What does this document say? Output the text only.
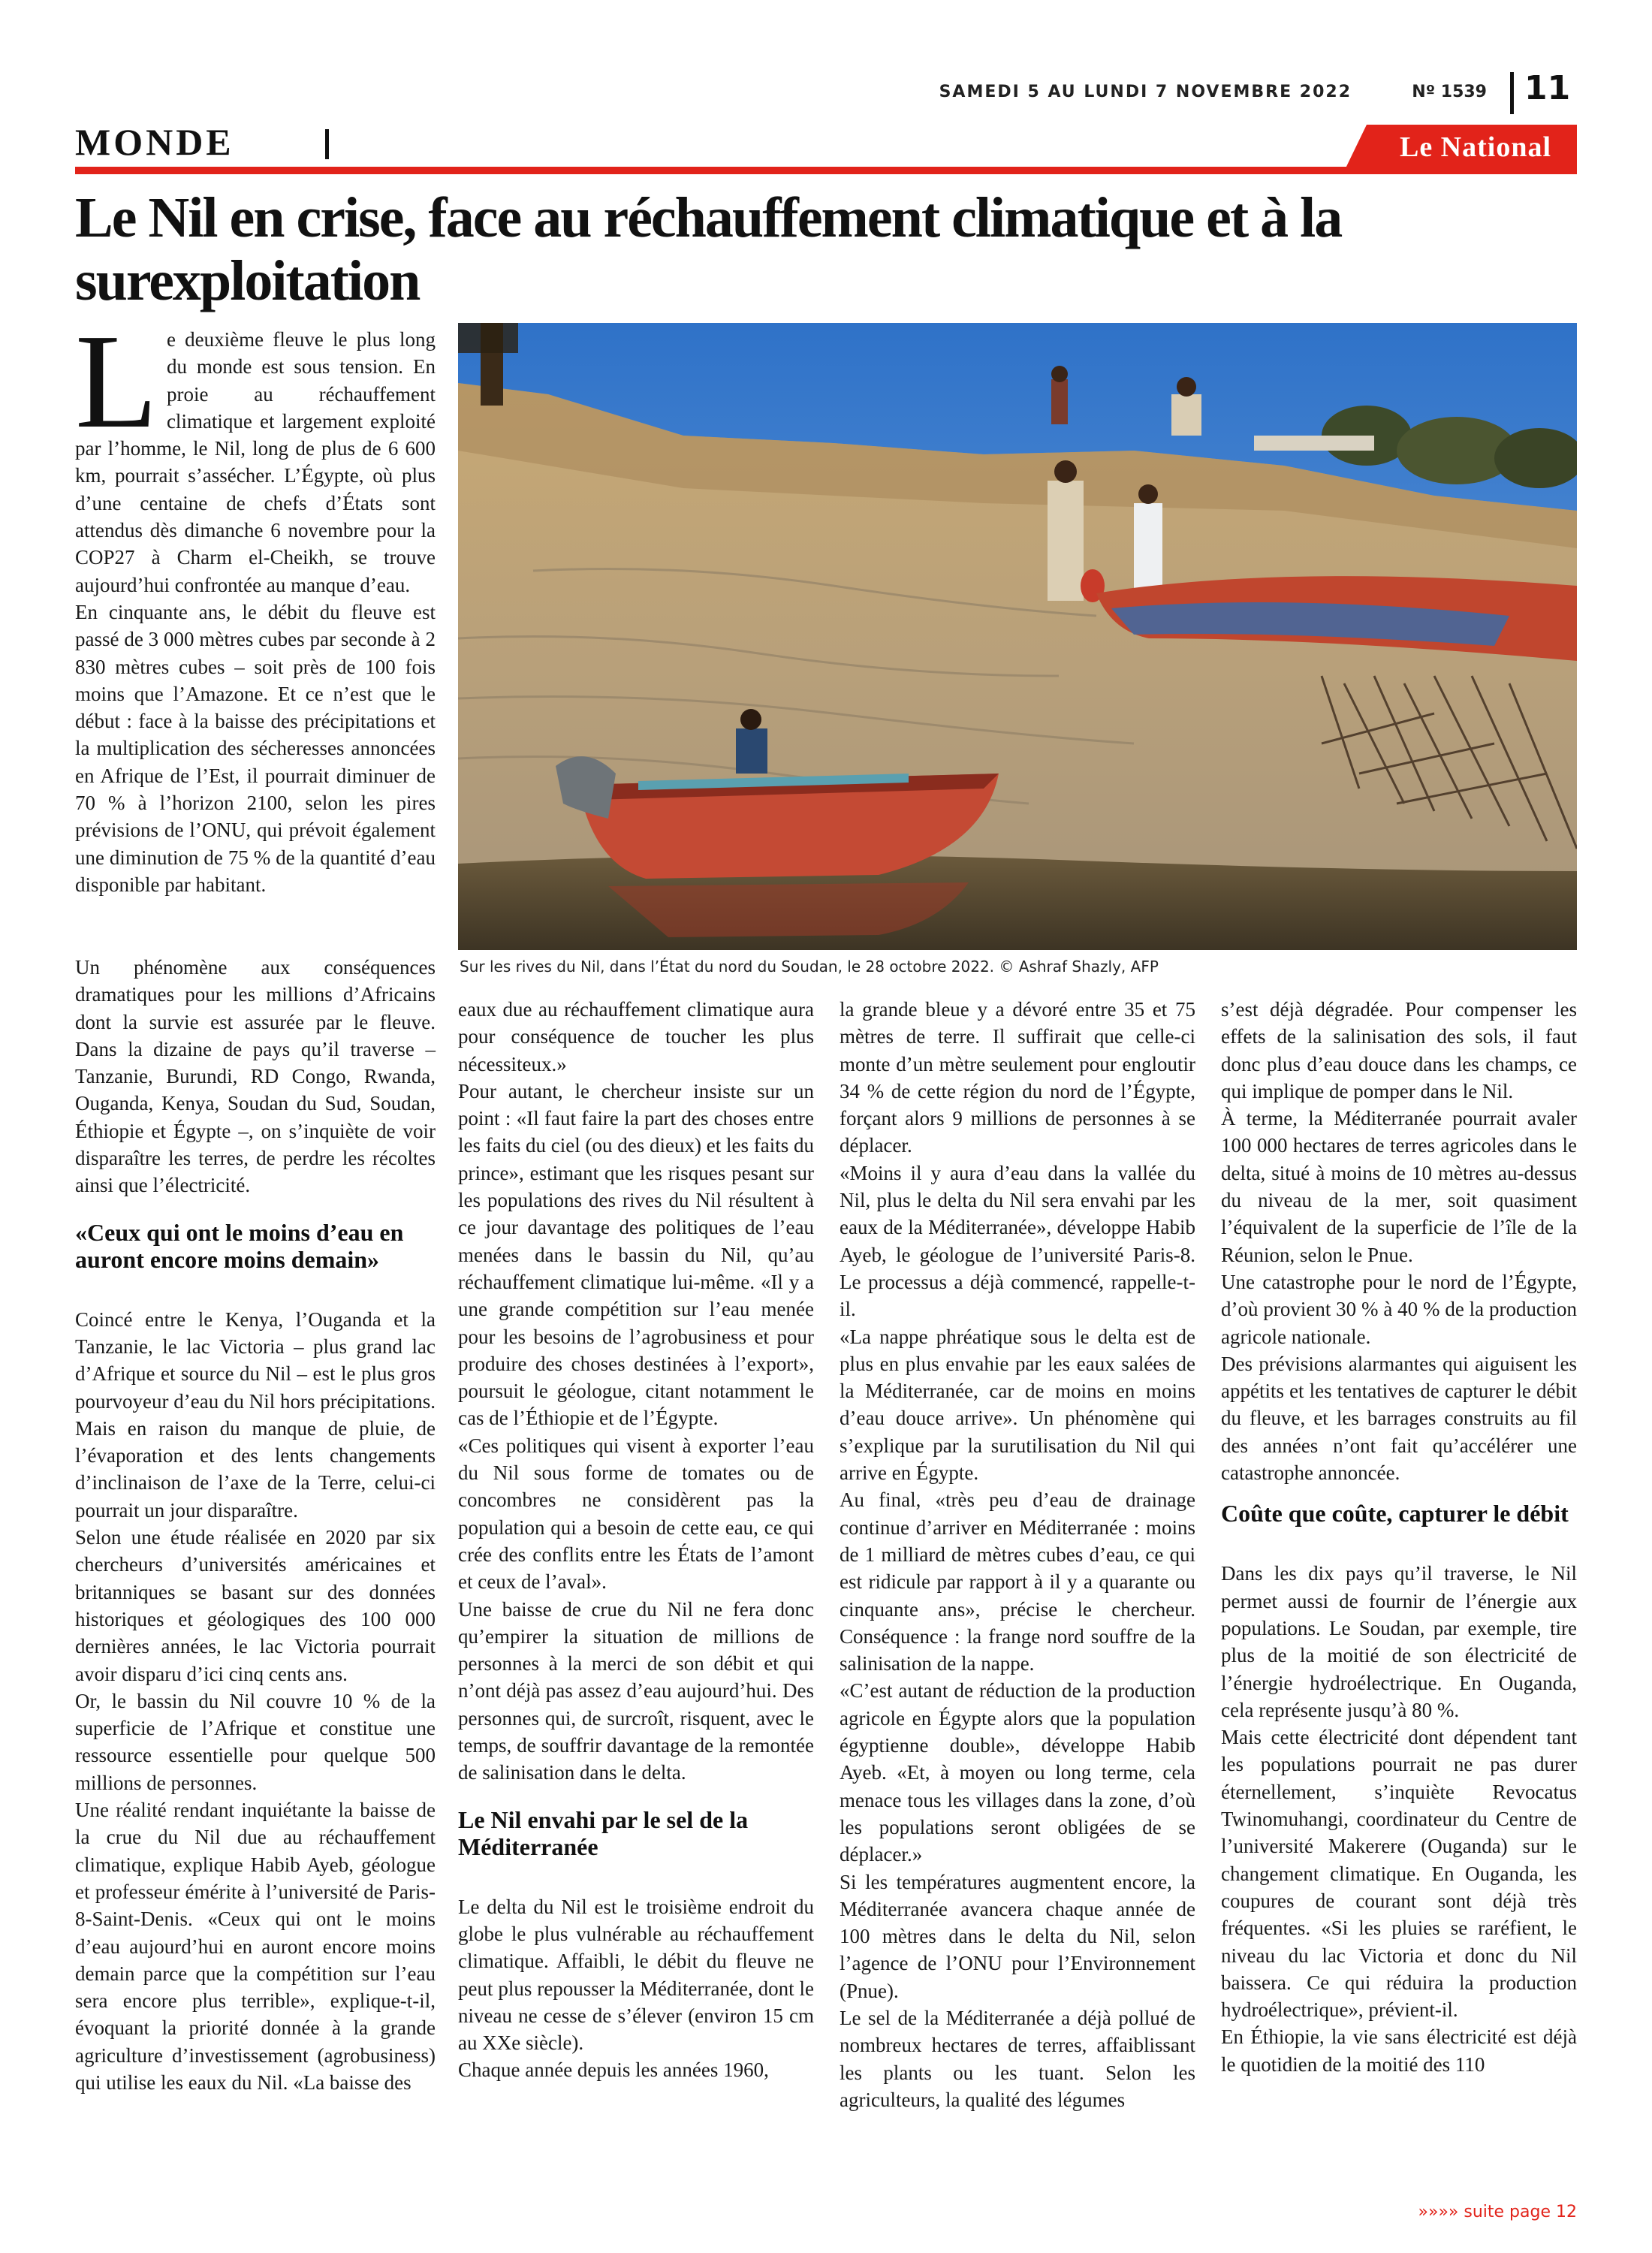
SAMEDI 5 AU LUNDI 7 NOVEMBRE 2022	Nº 1539 11
MONDE	Le National
Le Nil en crise, face au réchauffement climatique et à la surexploitation
Sur les rives du Nil, dans l’État du nord du Soudan, le 28 octobre 2022. © Ashraf Shazly, AFP

Le deuxième fleuve le plus long du monde est sous tension. En proie au réchauffement climatique et largement exploité par l’homme, le Nil, long de plus de 6 600 km, pourrait s’assécher. L’Égypte, où plus d’une centaine de chefs d’États sont attendus dès dimanche 6 novembre pour la COP27 à Charm el-Cheikh, se trouve aujourd’hui confrontée au manque d’eau.

En cinquante ans, le débit du fleuve est passé de 3 000 mètres cubes par seconde à 2 830 mètres cubes – soit près de 100 fois moins que l’Amazone. Et ce n’est que le début : face à la baisse des précipitations et la multiplication des sécheresses annoncées en Afrique de l’Est, il pourrait diminuer de 70 % à l’horizon 2100, selon les pires prévisions de l’ONU, qui prévoit également une diminution de 75 % de la quantité d’eau disponible par habitant.

Un phénomène aux conséquences dramatiques pour les millions d’Africains dont la survie est assurée par le fleuve. Dans la dizaine de pays qu’il traverse – Tanzanie, Burundi, RD Congo, Rwanda, Ouganda, Kenya, Soudan du Sud, Soudan, Éthiopie et Égypte –, on s’inquiète de voir disparaître les terres, de perdre les récoltes ainsi que l’électricité.

«Ceux qui ont le moins d’eau en auront encore moins demain»

Coincé entre le Kenya, l’Ouganda et la Tanzanie, le lac Victoria – plus grand lac d’Afrique et source du Nil – est le plus gros pourvoyeur d’eau du Nil hors précipitations. Mais en raison du manque de pluie, de l’évaporation et des lents changements d’inclinaison de l’axe de la Terre, celui-ci pourrait un jour disparaître.

Selon une étude réalisée en 2020 par six chercheurs d’universités américaines et britanniques se basant sur des données historiques et géologiques des 100 000 dernières années, le lac Victoria pourrait avoir disparu d’ici cinq cents ans.

Or, le bassin du Nil couvre 10 % de la superficie de l’Afrique et constitue une ressource essentielle pour quelque 500 millions de personnes.

Une réalité rendant inquiétante la baisse de la crue du Nil due au réchauffement climatique, explique Habib Ayeb, géologue et professeur émérite à l’université de Paris-8-Saint-Denis. «Ceux qui ont le moins d’eau aujourd’hui en auront encore moins demain parce que la compétition sur l’eau sera encore plus terrible», explique-t-il, évoquant la priorité donnée à la grande agriculture d’investissement (agrobusiness) qui utilise les eaux du Nil. «La baisse des

eaux due au réchauffement climatique aura pour conséquence de toucher les plus nécessiteux.»

Pour autant, le chercheur insiste sur un point : «Il faut faire la part des choses entre les faits du ciel (ou des dieux) et les faits du prince», estimant que les risques pesant sur les populations des rives du Nil résultent à ce jour davantage des politiques de l’eau menées dans le bassin du Nil, qu’au réchauffement climatique lui-même. «Il y a une grande compétition sur l’eau menée pour les besoins de l’agrobusiness et pour produire des choses destinées à l’export», poursuit le géologue, citant notamment le cas de l’Éthiopie et de l’Égypte.

«Ces politiques qui visent à exporter l’eau du Nil sous forme de tomates ou de concombres ne considèrent pas la population qui a besoin de cette eau, ce qui crée des conflits entre les États de l’amont et ceux de l’aval».

Une baisse de crue du Nil ne fera donc qu’empirer la situation de millions de personnes à la merci de son débit et qui n’ont déjà pas assez d’eau aujourd’hui. Des personnes qui, de surcroît, risquent, avec le temps, de souffrir davantage de la remontée de salinisation dans le delta.

Le Nil envahi par le sel de la Méditerranée

Le delta du Nil est le troisième endroit du globe le plus vulnérable au réchauffement climatique. Affaibli, le débit du fleuve ne peut plus repousser la Méditerranée, dont le niveau ne cesse de s’élever (environ 15 cm au XXe siècle).

Chaque année depuis les années 1960,

la grande bleue y a dévoré entre 35 et 75 mètres de terre. Il suffirait que celle-ci monte d’un mètre seulement pour engloutir 34 % de cette région du nord de l’Égypte, forçant alors 9 millions de personnes à se déplacer.

«Moins il y aura d’eau dans la vallée du Nil, plus le delta du Nil sera envahi par les eaux de la Méditerranée», développe Habib Ayeb, le géologue de l’université Paris-8. Le processus a déjà commencé, rappelle-t-il.

«La nappe phréatique sous le delta est de plus en plus envahie par les eaux salées de la Méditerranée, car de moins en moins d’eau douce arrive». Un phénomène qui s’explique par la surutilisation du Nil qui arrive en Égypte.

Au final, «très peu d’eau de drainage continue d’arriver en Méditerranée : moins de 1 milliard de mètres cubes d’eau, ce qui est ridicule par rapport à il y a quarante ou cinquante ans», précise le chercheur. Conséquence : la frange nord souffre de la salinisation de la nappe.

«C’est autant de réduction de la production agricole en Égypte alors que la population égyptienne double», développe Habib Ayeb. «Et, à moyen ou long terme, cela menace tous les villages dans la zone, d’où les populations seront obligées de se déplacer.»

Si les températures augmentent encore, la Méditerranée avancera chaque année de 100 mètres dans le delta du Nil, selon l’agence de l’ONU pour l’Environnement (Pnue).

Le sel de la Méditerranée a déjà pollué de nombreux hectares de terres, affaiblissant les plants ou les tuant. Selon les agriculteurs, la qualité des légumes

s’est déjà dégradée. Pour compenser les effets de la salinisation des sols, il faut donc plus d’eau douce dans les champs, ce qui implique de pomper dans le Nil.

À terme, la Méditerranée pourrait avaler 100 000 hectares de terres agricoles dans le delta, situé à moins de 10 mètres au-dessus du niveau de la mer, soit quasiment l’équivalent de la superficie de l’île de la Réunion, selon le Pnue.

Une catastrophe pour le nord de l’Égypte, d’où provient 30 % à 40 % de la production agricole nationale.

Des prévisions alarmantes qui aiguisent les appétits et les tentatives de capturer le débit du fleuve, et les barrages construits au fil des années n’ont fait qu’accélérer une catastrophe annoncée.

Coûte que coûte, capturer le débit

Dans les dix pays qu’il traverse, le Nil permet aussi de fournir de l’énergie aux populations. Le Soudan, par exemple, tire plus de la moitié de son électricité de l’énergie hydroélectrique. En Ouganda, cela représente jusqu’à 80 %.

Mais cette électricité dont dépendent tant les populations pourrait ne pas durer éternellement, s’inquiète Revocatus Twinomuhangi, coordinateur du Centre de l’université Makerere (Ouganda) sur le changement climatique. En Ouganda, les coupures de courant sont déjà très fréquentes. «Si les pluies se raréfient, le niveau du lac Victoria et donc du Nil baissera. Ce qui réduira la production hydroélectrique», prévient-il.

En Éthiopie, la vie sans électricité est déjà le quotidien de la moitié des 110

»»»» suite page 12
